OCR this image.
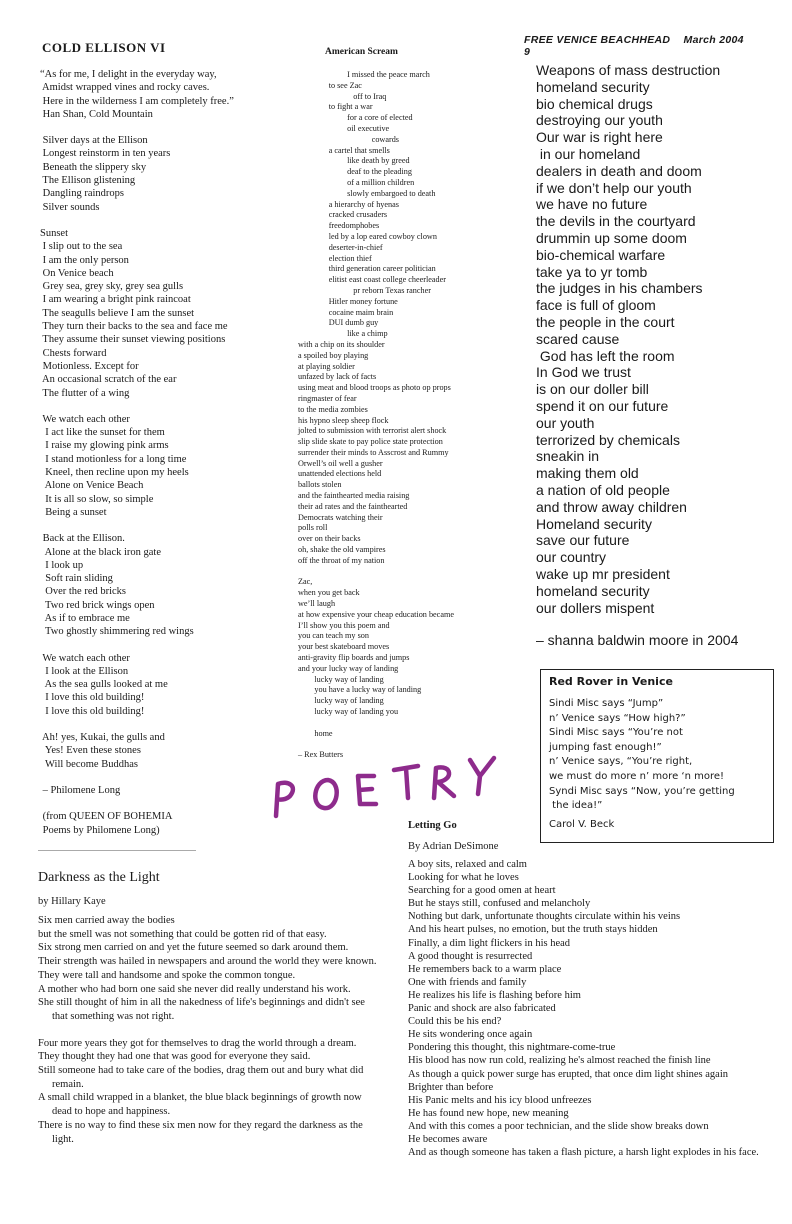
FREE VENICE BEACHHEAD March 2004 9
COLD ELLISON VI
“As for me, I delight in the everyday way,
Amidst wrapped vines and rocky caves.
Here in the wilderness I am completely free.”
Han Shan, Cold Mountain
Silver days at the Ellison
Longest reinstorm in ten years
Beneath the slippery sky
The Ellison glistening
Dangling raindrops
Silver sounds
Sunset
I slip out to the sea
I am the only person
On Venice beach
Grey sea, grey sky, grey sea gulls
I am wearing a bright pink raincoat
The seagulls believe I am the sunset
They turn their backs to the sea and face me
They assume their sunset viewing positions
Chests forward
Motionless. Except for
An occasional scratch of the ear
The flutter of a wing
We watch each other
I act like the sunset for them
I raise my glowing pink arms
I stand motionless for a long time
Kneel, then recline upon my heels
Alone on Venice Beach
It is all so slow, so simple
Being a sunset
Back at the Ellison.
Alone at the black iron gate
I look up
Soft rain sliding
Over the red bricks
Two red brick wings open
As if to embrace me
Two ghostly shimmering red wings
We watch each other
I look at the Ellison
As the sea gulls looked at me
I love this old building!
I love this old building!
Ah! yes, Kukai, the gulls and
Yes! Even these stones
Will become Buddhas
– Philomene Long
(from QUEEN OF BOHEMIA
Poems by Philomene Long)
American Scream
I missed the peace march
to see Zac
off to Iraq
to fight a war
for a core of elected
oil executive
cowards
a cartel that smells
like death by greed
deaf to the pleading
of a million children
slowly embargoed to death
a hierarchy of hyenas
cracked crusaders
freedomphobes
led by a lop eared cowboy clown
deserter-in-chief
election thief
third generation career politician
elitist east coast college cheerleader
pr reborn Texas rancher
Hitler money fortune
cocaine maim brain
DUI dumb guy
like a chimp
with a chip on its shoulder
a spoiled boy playing
at playing soldier
unfazed by lack of facts
using meat and blood troops as photo op props
ringmaster of fear
to the media zombies
his hypno sleep sheep flock
jolted to submission with terrorist alert shock
slip slide skate to pay police state protection
surrender their minds to Asscrost and Rummy
Orwell’s oil well a gusher
unattended elections held
ballots stolen
and the fainthearted media raising
their ad rates and the fainthearted
Democrats watching their
polls roll
over on their backs
oh, shake the old vampires
off the throat of my nation
Zac,
when you get back
we’ll laugh
at how expensive your cheap education became
I’ll show you this poem and
you can teach my son
your best skateboard moves
anti-gravity flip boards and jumps
and your lucky way of landing
lucky way of landing
you have a lucky way of landing
lucky way of landing
lucky way of landing you
home
– Rex Butters
Weapons of mass destruction
homeland security
bio chemical drugs
destroying our youth
Our war is right here
in our homeland
dealers in death and doom
if we don’t help our youth
we have no future
the devils in the courtyard
drummin up some doom
bio-chemical warfare
take ya to yr tomb
the judges in his chambers
face is full of gloom
the people in the court
scared cause
God has left the room
In God we trust
is on our doller bill
spend it on our future
our youth
terrorized by chemicals
sneakin in
making them old
a nation of old people
and throw away children
Homeland security
save our future
our country
wake up mr president
homeland security
our dollers mispent
– shanna baldwin moore in 2004
Red Rover in Venice
Sindi Misc says “Jump”
n’ Venice says “How high?”
Sindi Misc says “You’re not
jumping fast enough!”
n’ Venice says, “You’re right,
we must do more n’ more ‘n more!
Syndi Misc says “Now, you’re getting
the idea!”
Carol V. Beck
Darkness as the Light
by Hillary Kaye

Six men carried away the bodies

but the smell was not something that could be gotten rid of that easy.

Six strong men carried on and yet the future seemed so dark around them.

Their strength was hailed in newspapers and around the world they were known.

They were tall and handsome and spoke the common tongue.

A mother who had born one said she never did really understand his work.

She still thought of him in all the nakedness of life's beginnings and didn't see that something was not right.

Four more years they got for themselves to drag the world through a dream.

They thought they had one that was good for everyone they said.

Still someone had to take care of the bodies, drag them out and bury what did remain.

A small child wrapped in a blanket, the blue black beginnings of growth now dead to hope and happiness.

There is no way to find these six men now for they regard the darkness as the light.

Letting Go
By Adrian DeSimone

A boy sits, relaxed and calm

Looking for what he loves

Searching for a good omen at heart

But he stays still, confused and melancholy

Nothing but dark, unfortunate thoughts circulate within his veins

And his heart pulses, no emotion, but the truth stays hidden

Finally, a dim light flickers in his head

A good thought is resurrected

He remembers back to a warm place

One with friends and family

He realizes his life is flashing before him

Panic and shock are also fabricated

Could this be his end?

He sits wondering once again

Pondering this thought, this nightmare-come-true

His blood has now run cold, realizing he's almost reached the finish line

As though a quick power surge has erupted, that once dim light shines again

Brighter than before

His Panic melts and his icy blood unfreezes

He has found new hope, new meaning

And with this comes a poor technician, and the slide show breaks down

He becomes aware

And as though someone has taken a flash picture, a harsh light explodes in his face.
